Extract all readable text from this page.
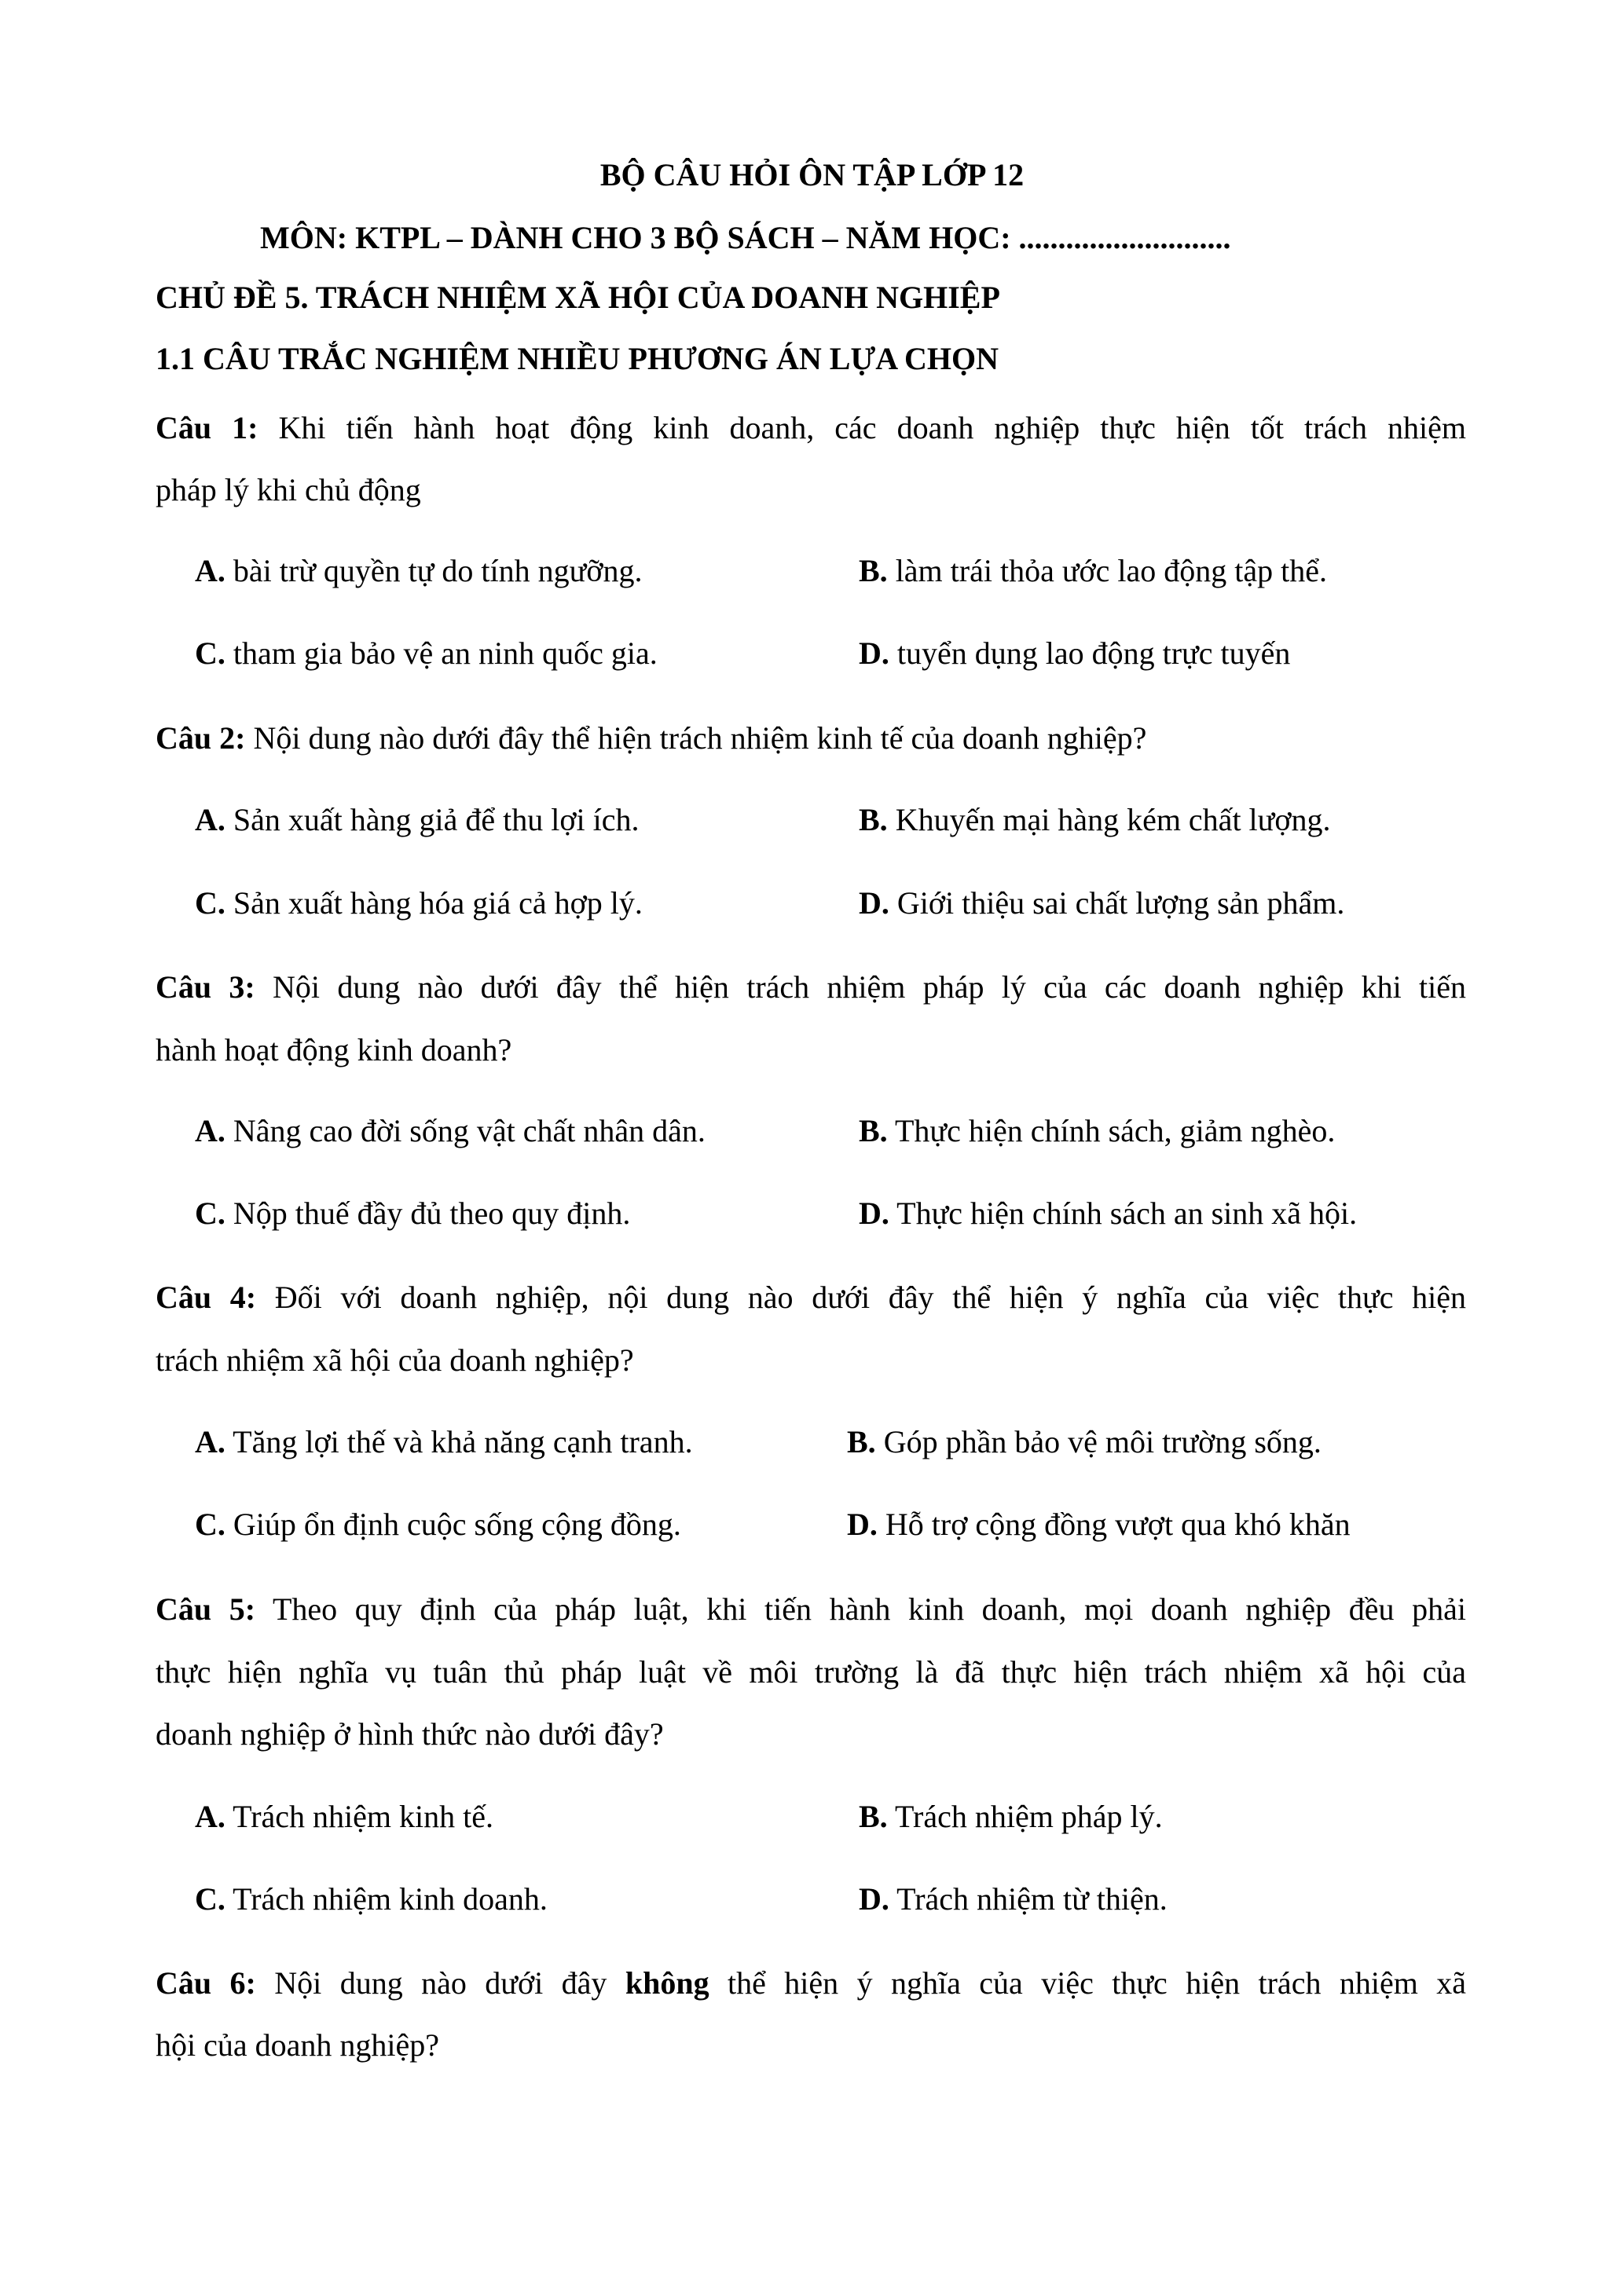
BỘ CÂU HỎI ÔN TẬP LỚP 12
MÔN: KTPL – DÀNH CHO 3 BỘ SÁCH – NĂM HỌC: ...........................
CHỦ ĐỀ 5. TRÁCH NHIỆM XÃ HỘI CỦA DOANH NGHIỆP
1.1 CÂU TRẮC NGHIỆM NHIỀU PHƯƠNG ÁN LỰA CHỌN
Câu 1: Khi tiến hành hoạt động kinh doanh, các doanh nghiệp thực hiện tốt trách nhiệm
pháp lý khi chủ động
A. bài trừ quyền tự do tính ngưỡng.	B. làm trái thỏa ước lao động tập thể.
C. tham gia bảo vệ an ninh quốc gia.	D. tuyển dụng lao động trực tuyến
Câu 2: Nội dung nào dưới đây thể hiện trách nhiệm kinh tế của doanh nghiệp?
A. Sản xuất hàng giả để thu lợi ích.	B. Khuyến mại hàng kém chất lượng.
C. Sản xuất hàng hóa giá cả hợp lý.	D. Giới thiệu sai chất lượng sản phẩm.
Câu 3: Nội dung nào dưới đây thể hiện trách nhiệm pháp lý của các doanh nghiệp khi tiến
hành hoạt động kinh doanh?
A. Nâng cao đời sống vật chất nhân dân.	B. Thực hiện chính sách, giảm nghèo.
C. Nộp thuế đầy đủ theo quy định.	D. Thực hiện chính sách an sinh xã hội.
Câu 4: Đối với doanh nghiệp, nội dung nào dưới đây thể hiện ý nghĩa của việc thực hiện
trách nhiệm xã hội của doanh nghiệp?
A. Tăng lợi thế và khả năng cạnh tranh.	B. Góp phần bảo vệ môi trường sống.
C. Giúp ổn định cuộc sống cộng đồng.	D. Hỗ trợ cộng đồng vượt qua khó khăn
Câu 5: Theo quy định của pháp luật, khi tiến hành kinh doanh, mọi doanh nghiệp đều phải
thực hiện nghĩa vụ tuân thủ pháp luật về môi trường là đã thực hiện trách nhiệm xã hội của
doanh nghiệp ở hình thức nào dưới đây?
A. Trách nhiệm kinh tế.	B. Trách nhiệm pháp lý.
C. Trách nhiệm kinh doanh.	D. Trách nhiệm từ thiện.
Câu 6: Nội dung nào dưới đây không thể hiện ý nghĩa của việc thực hiện trách nhiệm xã
hội của doanh nghiệp?
